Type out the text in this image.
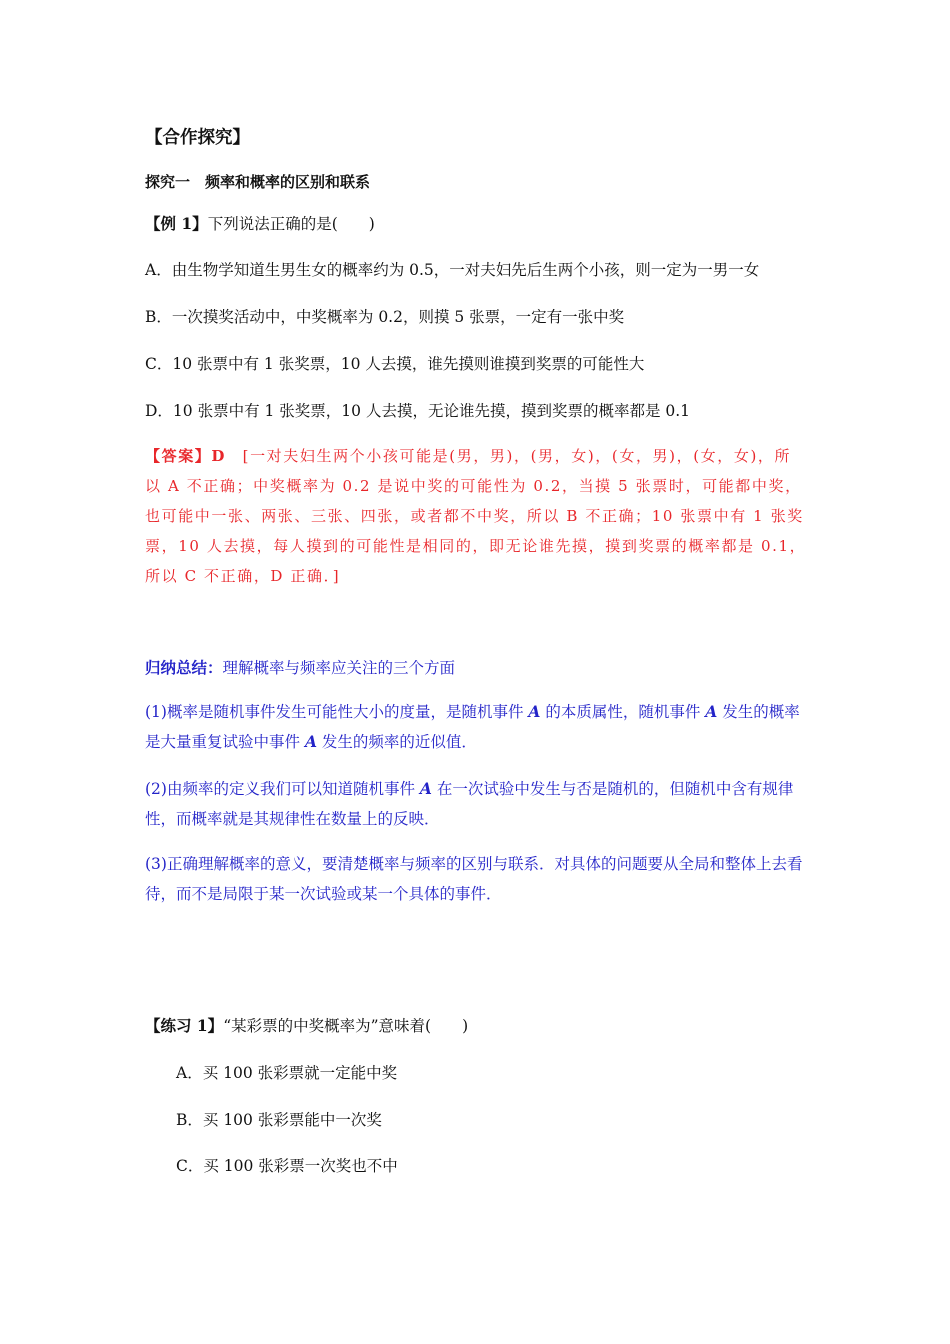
【合作探究】
探究一　频率和概率的区别和联系
【例 1】下列说法正确的是(　　)
A．由生物学知道生男生女的概率约为 0.5，一对夫妇先后生两个小孩，则一定为一男一女
B．一次摸奖活动中，中奖概率为 0.2，则摸 5 张票，一定有一张中奖
C．10 张票中有 1 张奖票，10 人去摸，谁先摸则谁摸到奖票的可能性大
D．10 张票中有 1 张奖票，10 人去摸，无论谁先摸，摸到奖票的概率都是 0.1
【答案】D　 [一对夫妇生两个小孩可能是(男，男)，(男，女)，(女，男)，(女，女)，所以 A 不正确；中奖概率为 0.2 是说中奖的可能性为 0.2，当摸 5 张票时，可能都中奖，也可能中一张、两张、三张、四张，或者都不中奖，所以 B 不正确；10 张票中有 1 张奖票，10 人去摸，每人摸到的可能性是相同的，即无论谁先摸，摸到奖票的概率都是 0.1，所以 C 不正确，D 正确．]
归纳总结：理解概率与频率应关注的三个方面
(1)概率是随机事件发生可能性大小的度量，是随机事件 A 的本质属性，随机事件 A 发生的概率是大量重复试验中事件 A 发生的频率的近似值．
(2)由频率的定义我们可以知道随机事件 A 在一次试验中发生与否是随机的，但随机中含有规律性，而概率就是其规律性在数量上的反映．
(3)正确理解概率的意义，要清楚概率与频率的区别与联系．对具体的问题要从全局和整体上去看待，而不是局限于某一次试验或某一个具体的事件．
【练习 1】“某彩票的中奖概率为”意味着(　　)
A．买 100 张彩票就一定能中奖
B．买 100 张彩票能中一次奖
C．买 100 张彩票一次奖也不中
